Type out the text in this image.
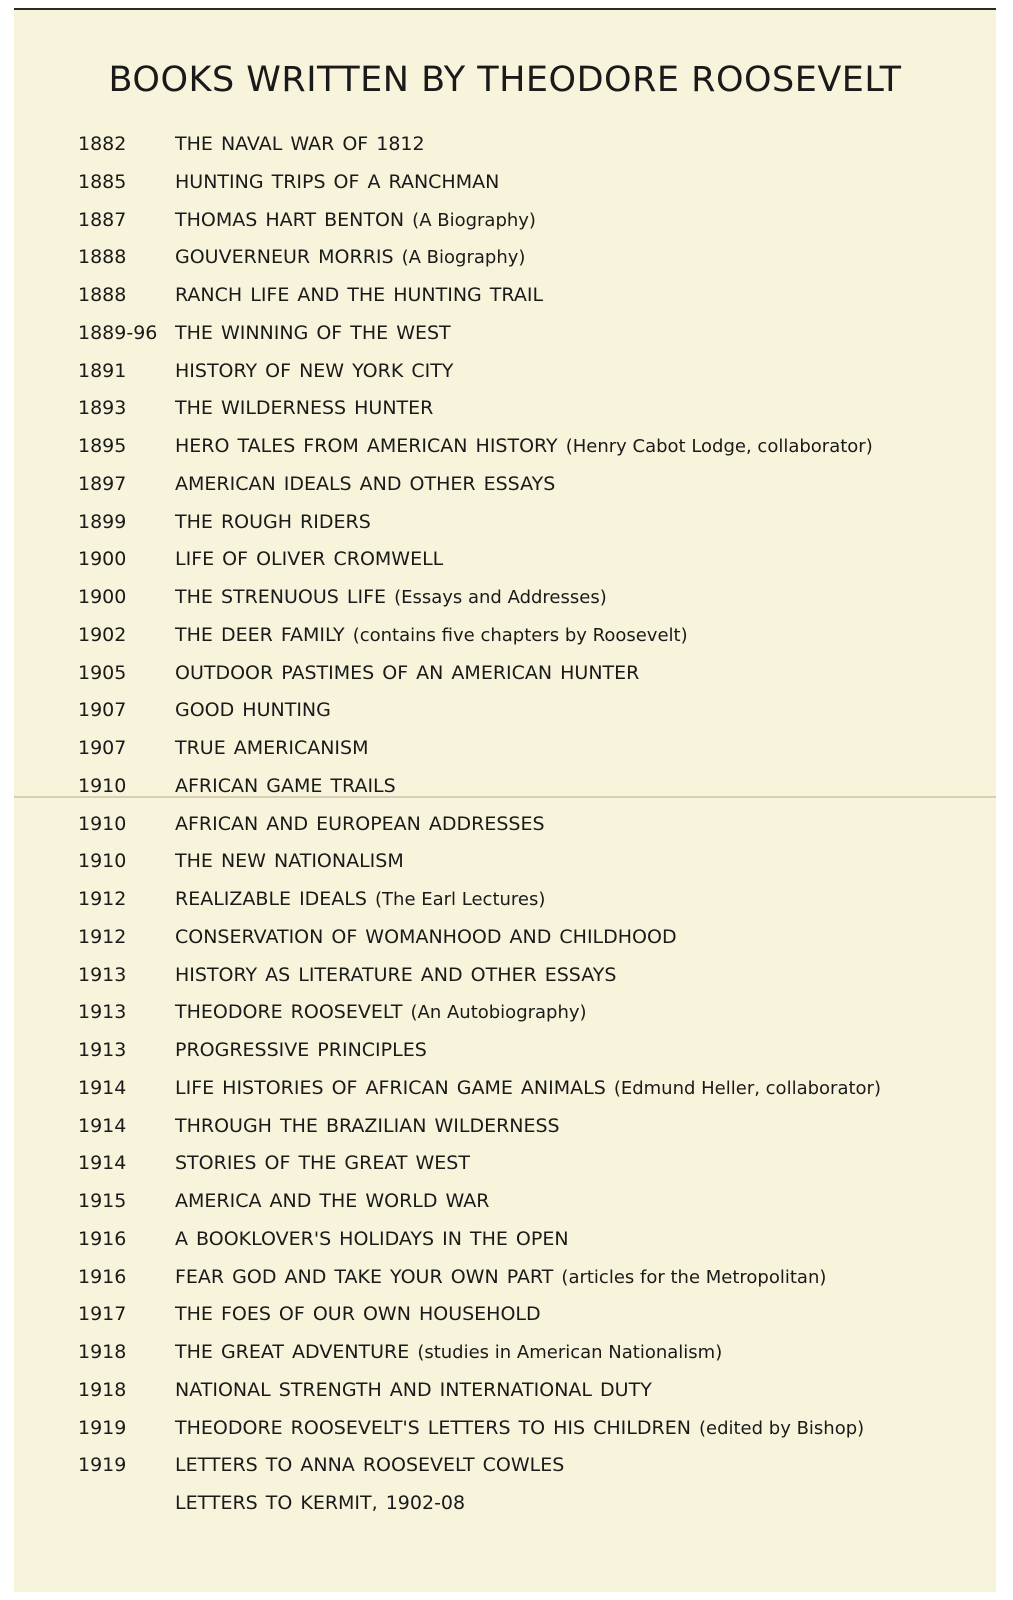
BOOKS WRITTEN BY THEODORE ROOSEVELT
1882	THE NAVAL WAR OF 1812
1885	HUNTING TRIPS OF A RANCHMAN
1887	THOMAS HART BENTON (A Biography)
1888	GOUVERNEUR MORRIS (A Biography)
1888	RANCH LIFE AND THE HUNTING TRAIL
1889-96 THE WINNING OF THE WEST
1891	HISTORY OF NEW YORK CITY
1893	THE WILDERNESS HUNTER
1895	HERO TALES FROM AMERICAN HISTORY (Henry Cabot Lodge, collaborator)
1897	AMERICAN IDEALS AND OTHER ESSAYS
1899	THE ROUGH RIDERS
1900	LIFE OF OLIVER CROMWELL
1900	THE STRENUOUS LIFE (Essays and Addresses)
1902	THE DEER FAMILY (contains five chapters by Roosevelt)
1905	OUTDOOR PASTIMES OF AN AMERICAN HUNTER
1907	GOOD HUNTING
1907	TRUE AMERICANISM
1910	AFRICAN GAME TRAILS
1910	AFRICAN AND EUROPEAN ADDRESSES
1910	THE NEW NATIONALISM
1912	REALIZABLE IDEALS (The Earl Lectures)
1912	CONSERVATION OF WOMANHOOD AND CHILDHOOD
1913	HISTORY AS LITERATURE AND OTHER ESSAYS
1913	THEODORE ROOSEVELT (An Autobiography)
1913	PROGRESSIVE PRINCIPLES
1914	LIFE HISTORIES OF AFRICAN GAME ANIMALS (Edmund Heller, collaborator)
1914	THROUGH THE BRAZILIAN WILDERNESS
1914	STORIES OF THE GREAT WEST
1915	AMERICA AND THE WORLD WAR
1916	A BOOKLOVER'S HOLIDAYS IN THE OPEN
1916	FEAR GOD AND TAKE YOUR OWN PART (articles for the Metropolitan)
1917	THE FOES OF OUR OWN HOUSEHOLD
1918	THE GREAT ADVENTURE (studies in American Nationalism)
1918	NATIONAL STRENGTH AND INTERNATIONAL DUTY
1919	THEODORE ROOSEVELT'S LETTERS TO HIS CHILDREN (edited by Bishop)
1919	LETTERS TO ANNA ROOSEVELT COWLES
LETTERS TO KERMIT, 1902-08
